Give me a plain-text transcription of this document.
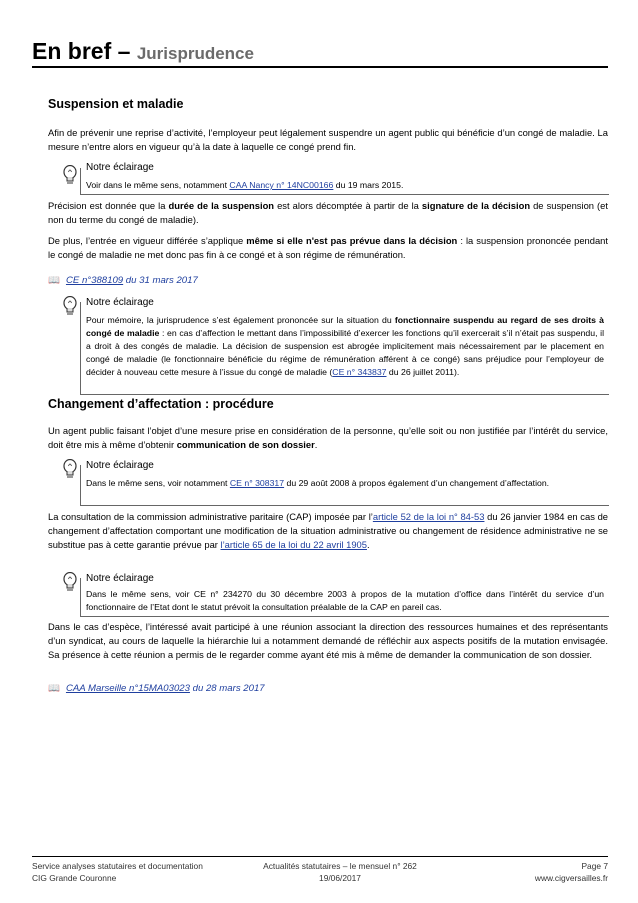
En bref – Jurisprudence
Suspension et maladie
Afin de prévenir une reprise d’activité, l’employeur peut légalement suspendre un agent public qui bénéficie d’un congé de maladie. La mesure n’entre alors en vigueur qu’à la date à laquelle ce congé prend fin.
Notre éclairage
Voir dans le même sens, notamment CAA Nancy n° 14NC00166 du 19 mars 2015.
Précision est donnée que la durée de la suspension est alors décomptée à partir de la signature de la décision de suspension (et non du terme du congé de maladie).
De plus, l’entrée en vigueur différée s’applique même si elle n'est pas prévue dans la décision : la suspension prononcée pendant le congé de maladie ne met donc pas fin à ce congé et à son régime de rémunération.
📖 CE n°388109 du 31 mars 2017
Notre éclairage
Pour mémoire, la jurisprudence s’est également prononcée sur la situation du fonctionnaire suspendu au regard de ses droits à congé de maladie : en cas d’affection le mettant dans l’impossibilité d’exercer les fonctions qu’il exercerait s’il n’était pas suspendu, il a droit à des congés de maladie. La décision de suspension est abrogée implicitement mais nécessairement par le placement en congé de maladie (le fonctionnaire bénéficie du régime de rémunération afférent à ce congé) sans préjudice pour l’employeur de décider à nouveau cette mesure à l’issue du congé de maladie (CE n° 343837 du 26 juillet 2011).
Changement d’affectation : procédure
Un agent public faisant l’objet d’une mesure prise en considération de la personne, qu’elle soit ou non justifiée par l’intérêt du service, doit être mis à même d’obtenir communication de son dossier.
Notre éclairage
Dans le même sens, voir notamment CE n° 308317 du 29 août 2008 à propos également d’un changement d’affectation.
La consultation de la commission administrative paritaire (CAP) imposée par l’article 52 de la loi n° 84-53 du 26 janvier 1984 en cas de changement d’affectation comportant une modification de la situation administrative ou changement de résidence administrative ne se substitue pas à cette garantie prévue par l’article 65 de la loi du 22 avril 1905.
Notre éclairage
Dans le même sens, voir CE n° 234270 du 30 décembre 2003 à propos de la mutation d’office dans l’intérêt du service d’un fonctionnaire de l’Etat dont le statut prévoit la consultation préalable de la CAP en pareil cas.
Dans le cas d’espèce, l’intéressé avait participé à une réunion associant la direction des ressources humaines et des représentants d’un syndicat, au cours de laquelle la hiérarchie lui a notamment demandé de réfléchir aux aspects positifs de la mutation envisagée. Sa présence à cette réunion a permis de le regarder comme ayant été mis à même de demander la communication de son dossier.
📖 CAA Marseille n°15MA03023 du 28 mars 2017
Service analyses statutaires et documentation
CIG Grande Couronne
Actualités statutaires – le mensuel n° 262
19/06/2017
Page 7
www.cigversailles.fr
